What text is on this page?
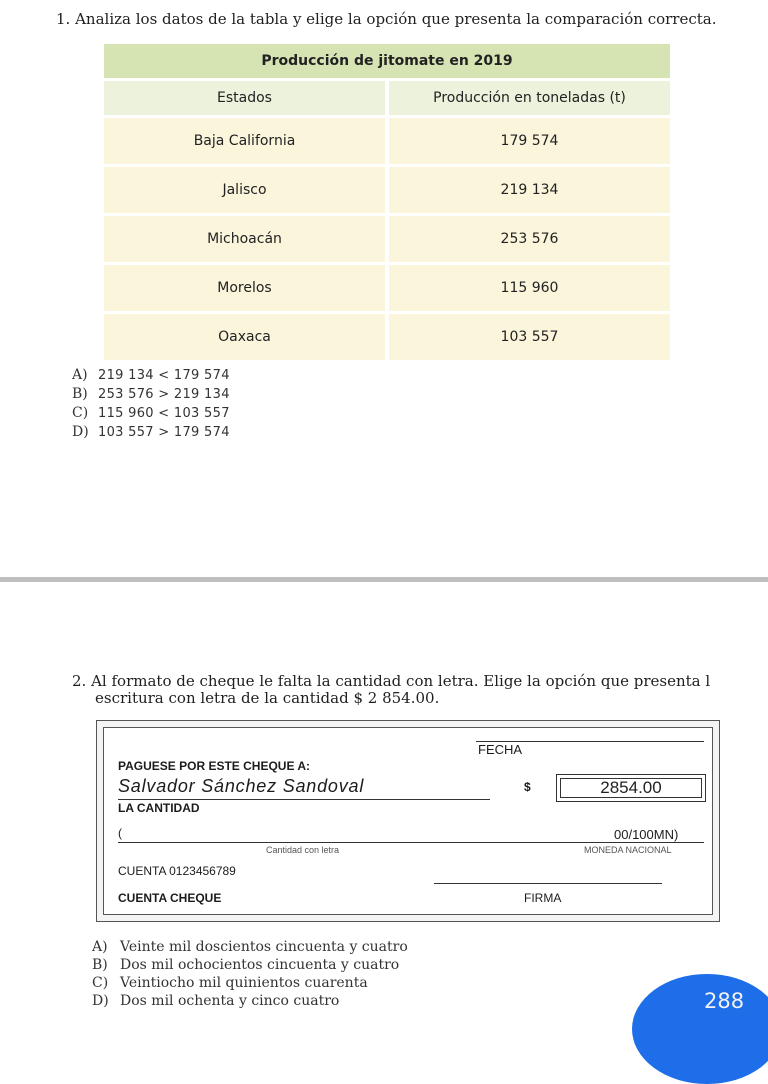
1. Analiza los datos de la tabla y elige la opción que presenta la comparación correcta.
Producción de jitomate en 2019
Estados	Producción en toneladas (t)
Baja California	179 574
Jalisco	219 134
Michoacán	253 576
Morelos	115 960
Oaxaca	103 557
A) 219 134 < 179 574
B) 253 576 > 219 134
C) 115 960 < 103 557
D) 103 557 > 179 574
2. Al formato de cheque le falta la cantidad con letra. Elige la opción que presenta l
escritura con letra de la cantidad $ 2 854.00.
FECHA
PAGUESE POR ESTE CHEQUE A:
Salvador Sánchez Sandoval	$	2854.00
LA CANTIDAD
(	00/100MN)
Cantidad con letra	MONEDA NACIONAL
CUENTA 0123456789
CUENTA CHEQUE	FIRMA
A) Veinte mil doscientos cincuenta y cuatro
B) Dos mil ochocientos cincuenta y cuatro
C) Veintiocho mil quinientos cuarenta
D) Dos mil ochenta y cinco cuatro	288
